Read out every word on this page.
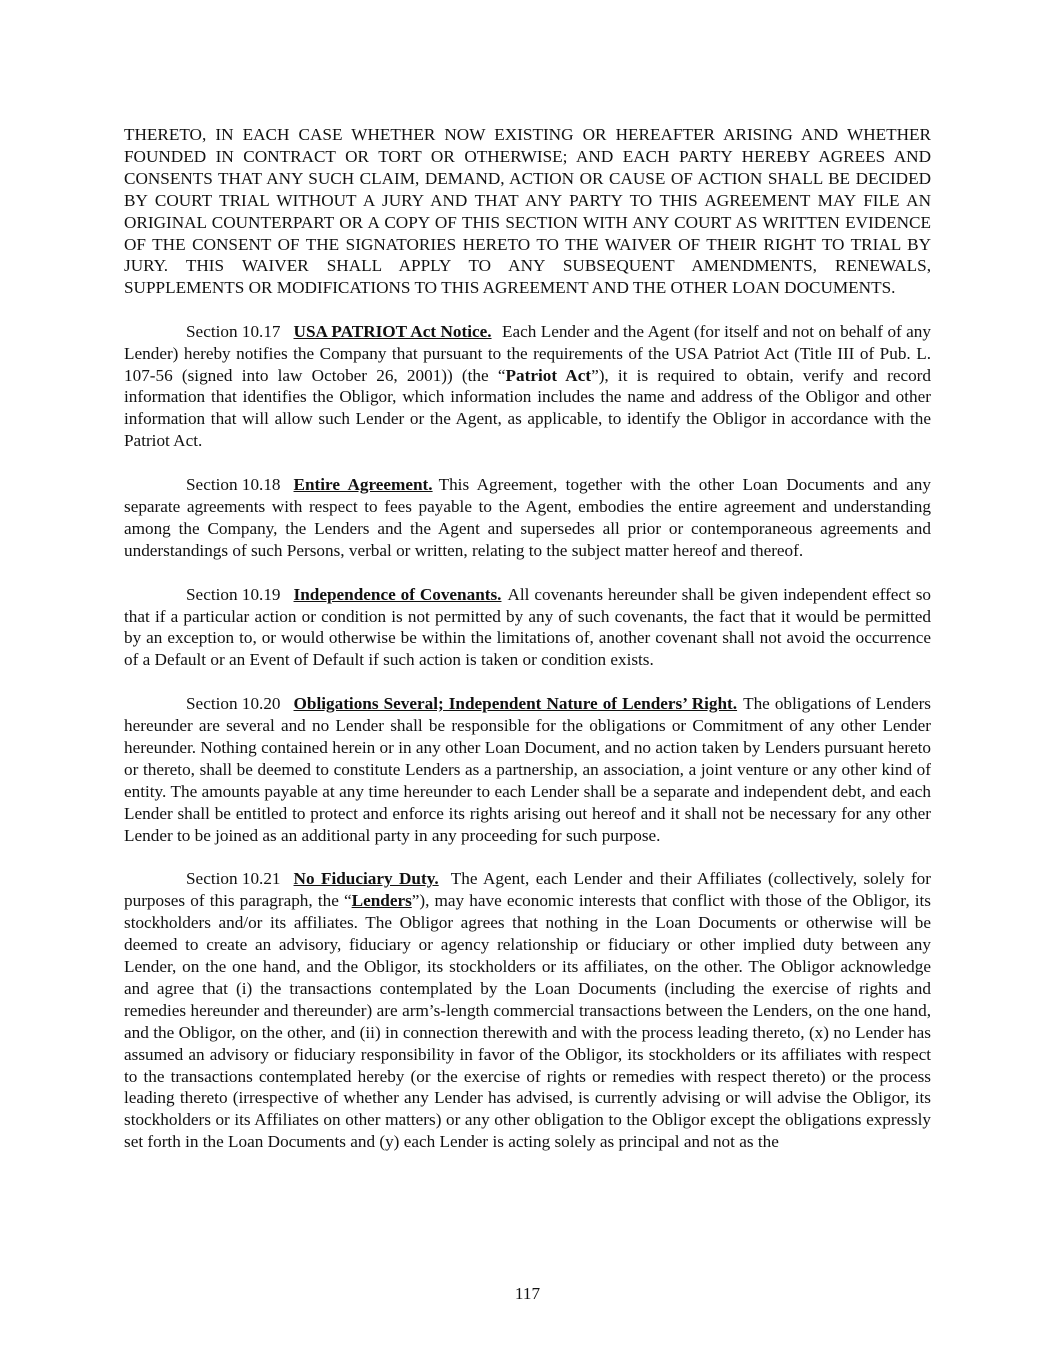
THERETO, IN EACH CASE WHETHER NOW EXISTING OR HEREAFTER ARISING AND WHETHER FOUNDED IN CONTRACT OR TORT OR OTHERWISE; AND EACH PARTY HEREBY AGREES AND CONSENTS THAT ANY SUCH CLAIM, DEMAND, ACTION OR CAUSE OF ACTION SHALL BE DECIDED BY COURT TRIAL WITHOUT A JURY AND THAT ANY PARTY TO THIS AGREEMENT MAY FILE AN ORIGINAL COUNTERPART OR A COPY OF THIS SECTION WITH ANY COURT AS WRITTEN EVIDENCE OF THE CONSENT OF THE SIGNATORIES HERETO TO THE WAIVER OF THEIR RIGHT TO TRIAL BY JURY. THIS WAIVER SHALL APPLY TO ANY SUBSEQUENT AMENDMENTS, RENEWALS, SUPPLEMENTS OR MODIFICATIONS TO THIS AGREEMENT AND THE OTHER LOAN DOCUMENTS.

Section 10.17 USA PATRIOT Act Notice. Each Lender and the Agent (for itself and not on behalf of any Lender) hereby notifies the Company that pursuant to the requirements of the USA Patriot Act (Title III of Pub. L. 107-56 (signed into law October 26, 2001)) (the “Patriot Act”), it is required to obtain, verify and record information that identifies the Obligor, which information includes the name and address of the Obligor and other information that will allow such Lender or the Agent, as applicable, to identify the Obligor in accordance with the Patriot Act.

Section 10.18 Entire Agreement. This Agreement, together with the other Loan Documents and any separate agreements with respect to fees payable to the Agent, embodies the entire agreement and understanding among the Company, the Lenders and the Agent and supersedes all prior or contemporaneous agreements and understandings of such Persons, verbal or written, relating to the subject matter hereof and thereof.

Section 10.19 Independence of Covenants. All covenants hereunder shall be given independent effect so that if a particular action or condition is not permitted by any of such covenants, the fact that it would be permitted by an exception to, or would otherwise be within the limitations of, another covenant shall not avoid the occurrence of a Default or an Event of Default if such action is taken or condition exists.

Section 10.20 Obligations Several; Independent Nature of Lenders’ Right. The obligations of Lenders hereunder are several and no Lender shall be responsible for the obligations or Commitment of any other Lender hereunder. Nothing contained herein or in any other Loan Document, and no action taken by Lenders pursuant hereto or thereto, shall be deemed to constitute Lenders as a partnership, an association, a joint venture or any other kind of entity. The amounts payable at any time hereunder to each Lender shall be a separate and independent debt, and each Lender shall be entitled to protect and enforce its rights arising out hereof and it shall not be necessary for any other Lender to be joined as an additional party in any proceeding for such purpose.

Section 10.21 No Fiduciary Duty. The Agent, each Lender and their Affiliates (collectively, solely for purposes of this paragraph, the “Lenders”), may have economic interests that conflict with those of the Obligor, its stockholders and/or its affiliates. The Obligor agrees that nothing in the Loan Documents or otherwise will be deemed to create an advisory, fiduciary or agency relationship or fiduciary or other implied duty between any Lender, on the one hand, and the Obligor, its stockholders or its affiliates, on the other. The Obligor acknowledge and agree that (i) the transactions contemplated by the Loan Documents (including the exercise of rights and remedies hereunder and thereunder) are arm’s-length commercial transactions between the Lenders, on the one hand, and the Obligor, on the other, and (ii) in connection therewith and with the process leading thereto, (x) no Lender has assumed an advisory or fiduciary responsibility in favor of the Obligor, its stockholders or its affiliates with respect to the transactions contemplated hereby (or the exercise of rights or remedies with respect thereto) or the process leading thereto (irrespective of whether any Lender has advised, is currently advising or will advise the Obligor, its stockholders or its Affiliates on other matters) or any other obligation to the Obligor except the obligations expressly set forth in the Loan Documents and (y) each Lender is acting solely as principal and not as the

117
